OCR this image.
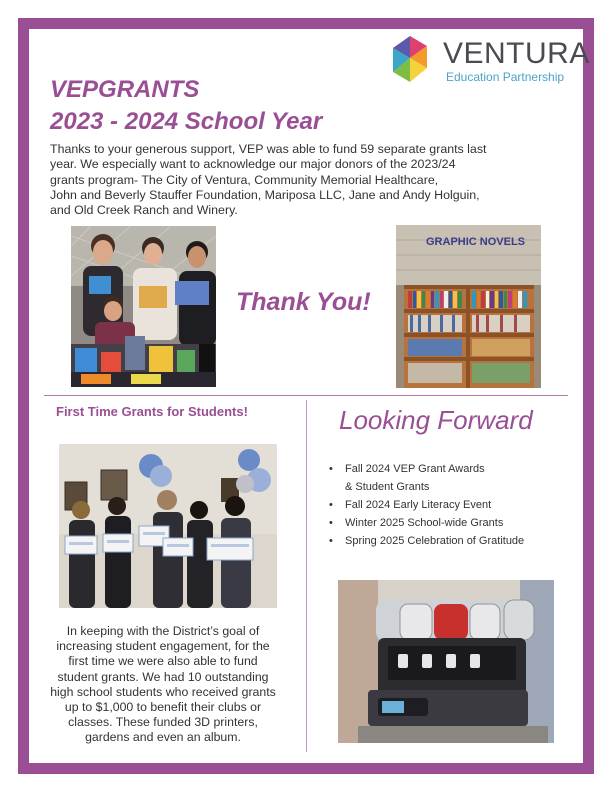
VENTURA
Education Partnership
VEPGRANTS
2023 - 2024 School Year
Thanks to your generous support, VEP was able to fund 59 separate grants last
year. We especially want to acknowledge our major donors of the 2023/24
grants program- The City of Ventura, Community Memorial Healthcare,
John and Beverly Stauffer Foundation, Mariposa LLC, Jane and Andy Holguin,
and Old Creek Ranch and Winery.
Thank You!
GRAPHIC NOVELS
First Time Grants for Students!
In keeping with the District’s goal of
increasing student engagement, for the
first time we were also able to fund
student grants. We had 10 outstanding
high school students who received grants
up to $1,000 to benefit their clubs or
classes. These funded 3D printers,
gardens and even an album.
Looking Forward
• Fall 2024 VEP Grant Awards
& Student Grants
• Fall 2024 Early Literacy Event
• Winter 2025 School-wide Grants
• Spring 2025 Celebration of Gratitude
